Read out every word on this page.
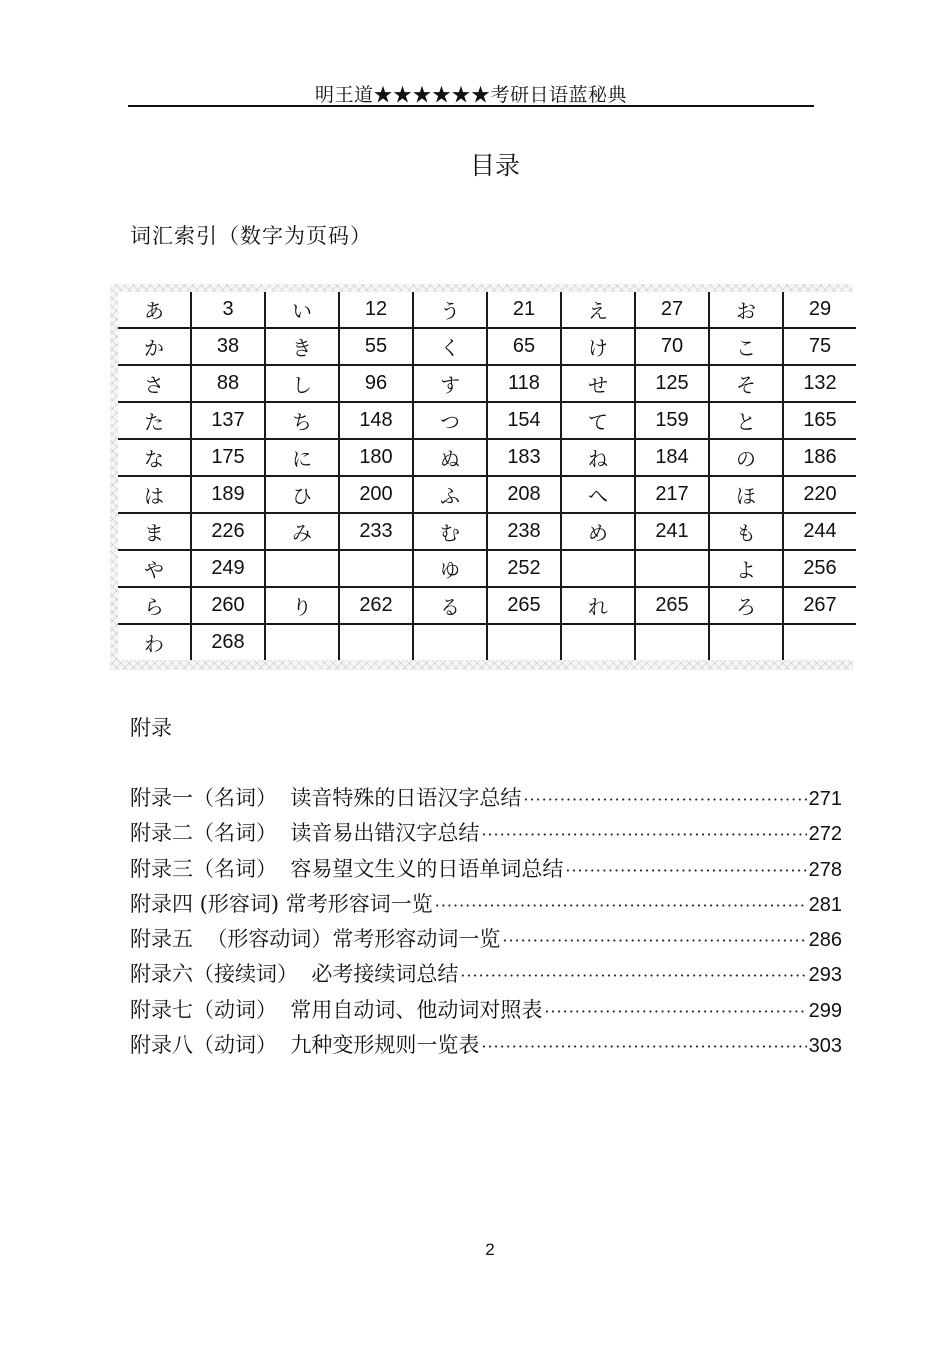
明王道★★★★★★考研日语蓝秘典
目录
词汇索引（数字为页码）
あ	3	い	12	う	21	え	27	お	29
か	38	き	55	く	65	け	70	こ	75
さ	88	し	96	す	118	せ	125	そ	132
た	137	ち	148	つ	154	て	159	と	165
な	175	に	180	ぬ	183	ね	184	の	186
は	189	ひ	200	ふ	208	へ	217	ほ	220
ま	226	み	233	む	238	め	241	も	244
や	249			ゆ	252			よ	256
ら	260	り	262	る	265	れ	265	ろ	267
わ	268								
附录
附录一（名词）  读音特殊的日语汉字总结 ·····	271
附录二（名词）  读音易出错汉字总结 ·····	272
附录三（名词）  容易望文生义的日语单词总结 ·····	278
附录四 (形容词) 常考形容词一览 ·····	281
附录五  （形容动词）常考形容动词一览 ·····	286
附录六（接续词）  必考接续词总结 ·····	293
附录七（动词）  常用自动词、他动词对照表 ·····	299
附录八（动词）  九种变形规则一览表 ·····	303
2
